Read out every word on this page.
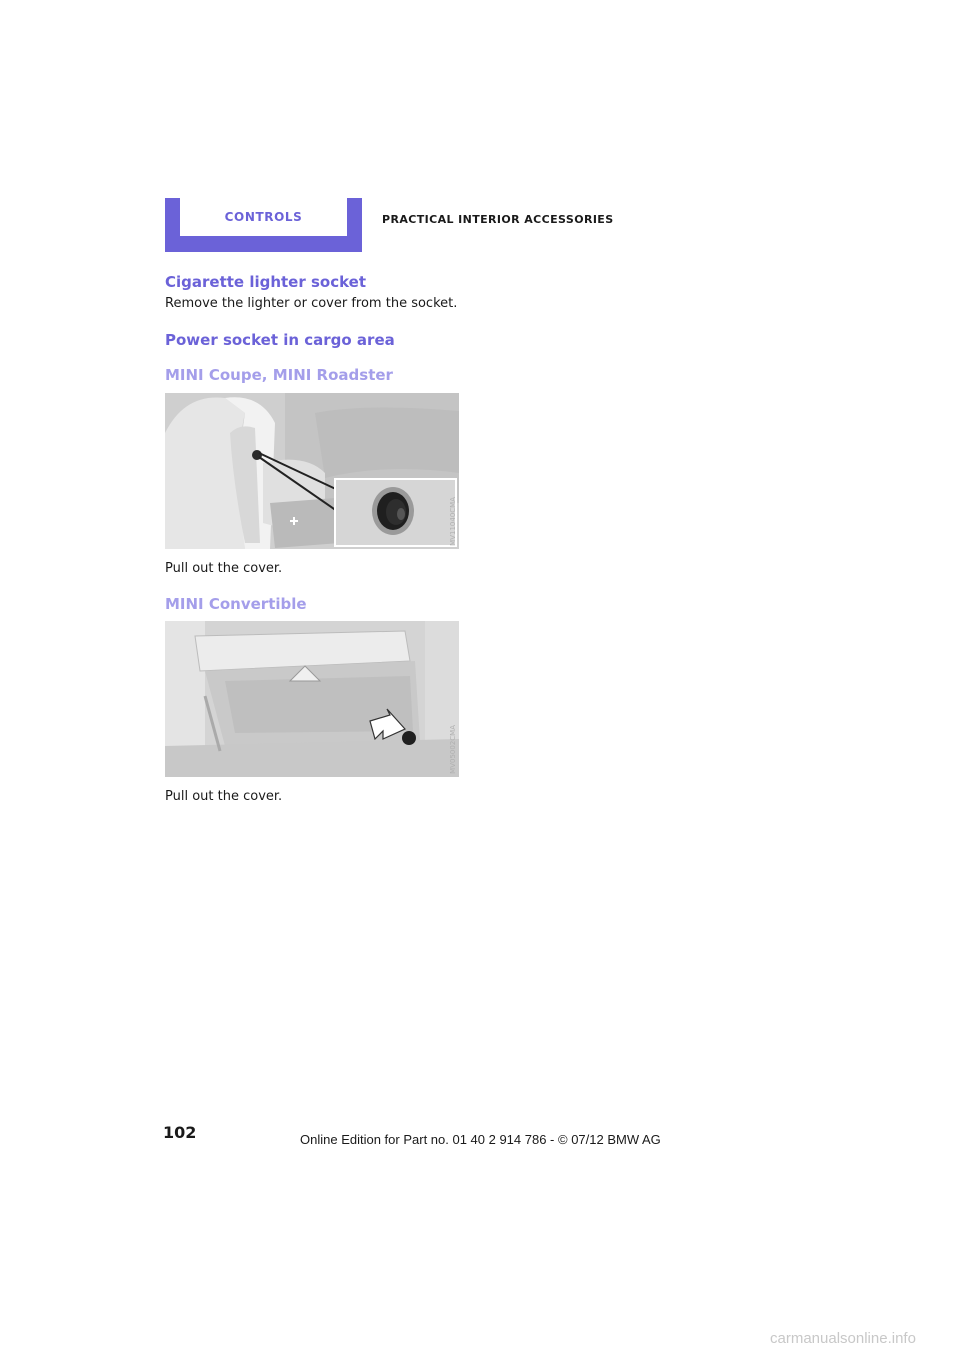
CONTROLS	PRACTICAL INTERIOR ACCESSORIES
Cigarette lighter socket

Remove the lighter or cover from the socket.

Power socket in cargo area
MINI Coupe, MINI Roadster
MV11040CMA

Pull out the cover.

MINI Convertible
MV05002CMA

Pull out the cover.

102	Online Edition for Part no. 01 40 2 914 786 - © 07/12 BMW AG
carmanualsonline.info
